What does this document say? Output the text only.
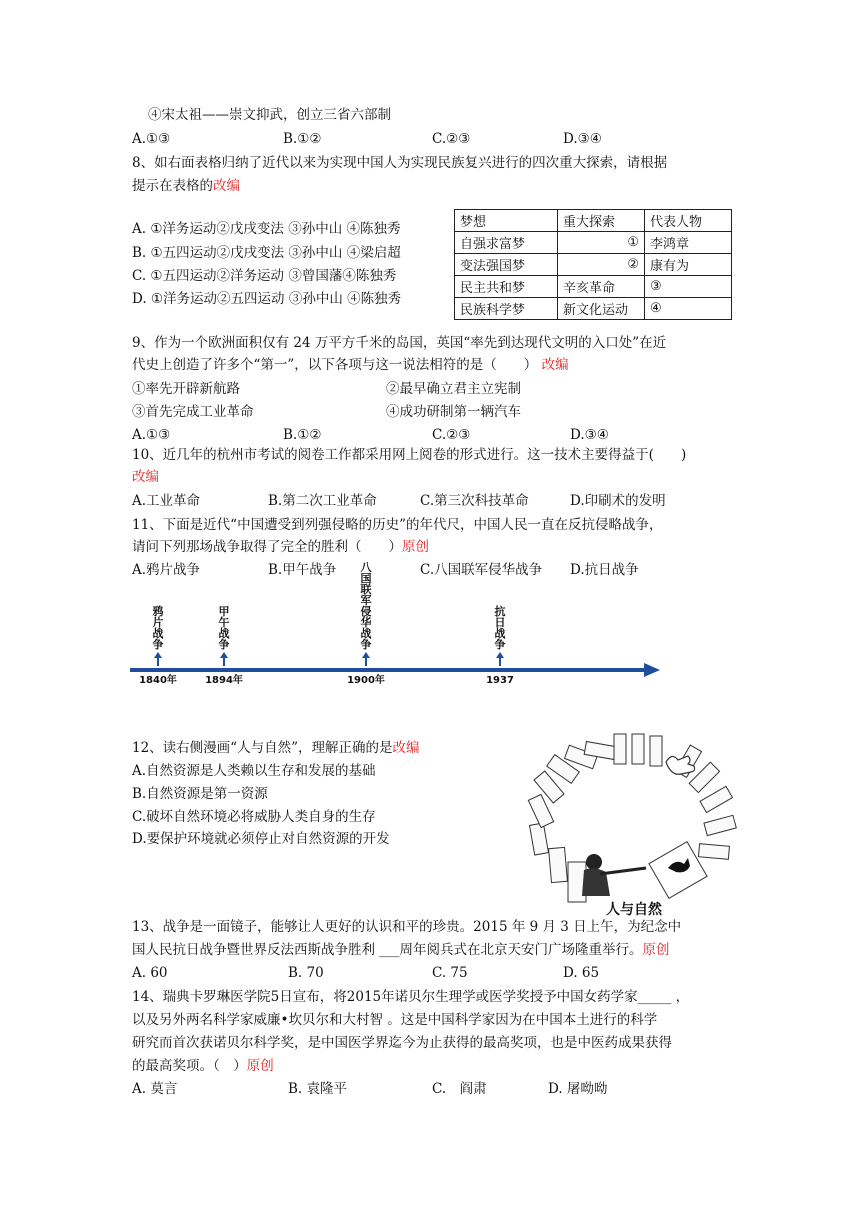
④宋太祖——崇文抑武，创立三省六部制
A.①③	B.①②	C.②③	D.③④
8、如右面表格归纳了近代以来为实现中国人为实现民族复兴进行的四次重大探索，请根据
提示在表格的改编
A. ①洋务运动②戊戌变法 ③孙中山 ④陈独秀
B. ①五四运动②戊戌变法 ③孙中山 ④梁启超
C. ①五四运动②洋务运动 ③曾国藩④陈独秀
D. ①洋务运动②五四运动 ③孙中山 ④陈独秀
梦想	重大探索	代表人物
自强求富梦	①	李鸿章
变法强国梦	②	康有为
民主共和梦	辛亥革命	③
民族科学梦	新文化运动	④
9、作为一个欧洲面积仅有 24 万平方千米的岛国，英国“率先到达现代文明的入口处”在近
代史上创造了许多个“第一”，以下各项与这一说法相符的是（　　） 改编
①率先开辟新航路	②最早确立君主立宪制
③首先完成工业革命	④成功研制第一辆汽车
A.①③	B.①②	C.②③	D.③④
10、近几年的杭州市考试的阅卷工作都采用网上阅卷的形式进行。这一技术主要得益于(　　)
改编
A.工业革命	B.第二次工业革命	C.第三次科技革命	D.印刷术的发明
11、下面是近代“中国遭受到列强侵略的历史”的年代尺，中国人民一直在反抗侵略战争，
请问下列那场战争取得了完全的胜利（　　）原创
A.鸦片战争	B.甲午战争	C.八国联军侵华战争 D.抗日战争
鸦
片
战
争
1840年
甲
午
战
争
1894年
八
国
联
军
侵
华
战
争
1900年
抗
日
战
争
1937
12、读右侧漫画“人与自然”，理解正确的是改编
A.自然资源是人类赖以生存和发展的基础
B.自然资源是第一资源
C.破坏自然环境必将威胁人类自身的生存
D.要保护环境就必须停止对自然资源的开发
人与自然
13、战争是一面镜子，能够让人更好的认识和平的珍贵。2015 年 9 月 3 日上午，为纪念中
国人民抗日战争暨世界反法西斯战争胜利 ___周年阅兵式在北京天安门广场隆重举行。原创
A. 60	B. 70	C. 75	D. 65
14、瑞典卡罗琳医学院5日宣布，将2015年诺贝尔生理学或医学奖授予中国女药学家_____ ，
以及另外两名科学家威廉•坎贝尔和大村智 。这是中国科学家因为在中国本土进行的科学
研究而首次获诺贝尔科学奖，是中国医学界迄今为止获得的最高奖项，也是中医药成果获得
的最高奖项。（　）原创
A. 莫言	B. 袁隆平	C.　阎肃	D. 屠呦呦
